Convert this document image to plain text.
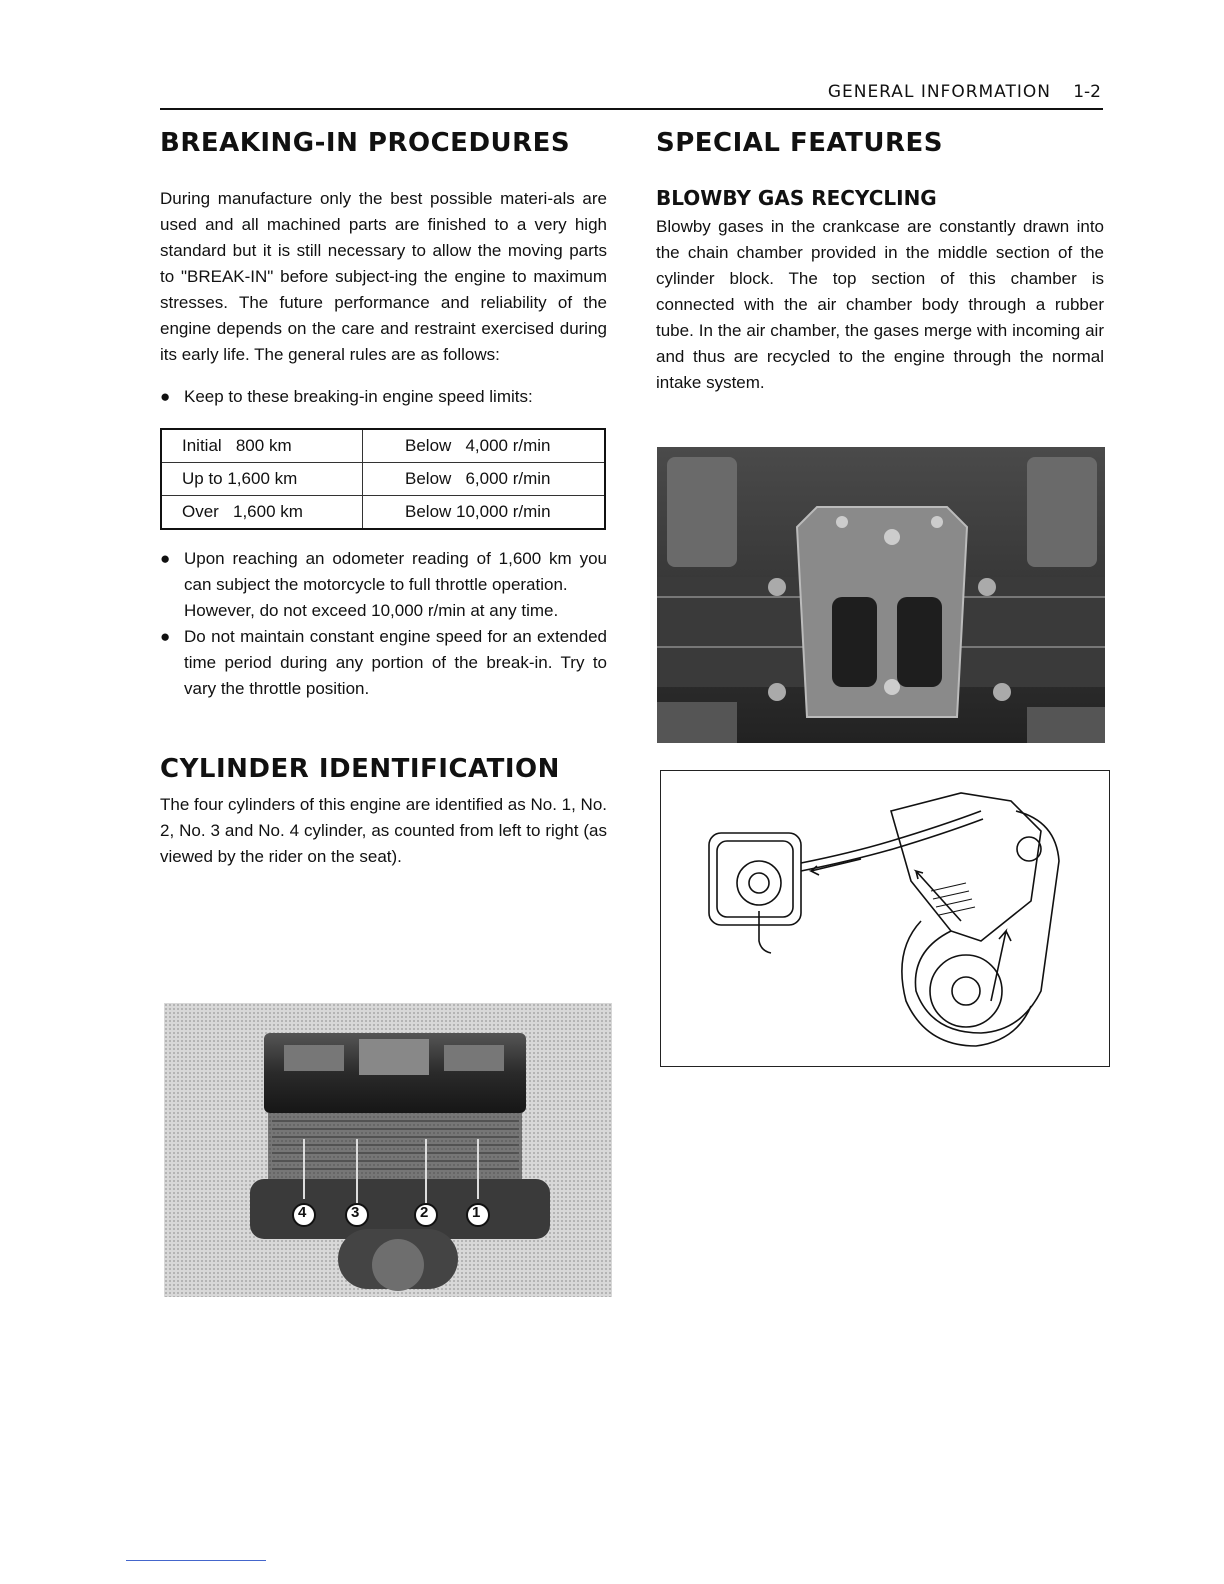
GENERAL INFORMATION 1-2
BREAKING-IN PROCEDURES

During manufacture only the best possible materi-als are used and all machined parts are finished to a very high standard but it is still necessary to allow the moving parts to "BREAK-IN" before subject-ing the engine to maximum stresses. The future performance and reliability of the engine depends on the care and restraint exercised during its early life. The general rules are as follows:

● Keep to these breaking-in engine speed limits:
Initial   800 km	Below   4,000 r/min
Up to 1,600 km	Below   6,000 r/min
Over   1,600 km	Below 10,000 r/min
● Upon reaching an odometer reading of 1,600 km you can subject the motorcycle to full throttle operation.
However, do not exceed 10,000 r/min at any time.
● Do not maintain constant engine speed for an extended time period during any portion of the break-in. Try to vary the throttle position.
CYLINDER IDENTIFICATION

The four cylinders of this engine are identified as No. 1, No. 2, No. 3 and No. 4 cylinder, as counted from left to right (as viewed by the rider on the seat).

4	3	2	1
SPECIAL FEATURES
BLOWBY GAS RECYCLING

Blowby gases in the crankcase are constantly drawn into the chain chamber provided in the middle section of the cylinder block. The top section of this chamber is connected with the air chamber body through a rubber tube. In the air chamber, the gases merge with incoming air and thus are recycled to the engine through the normal intake system.
